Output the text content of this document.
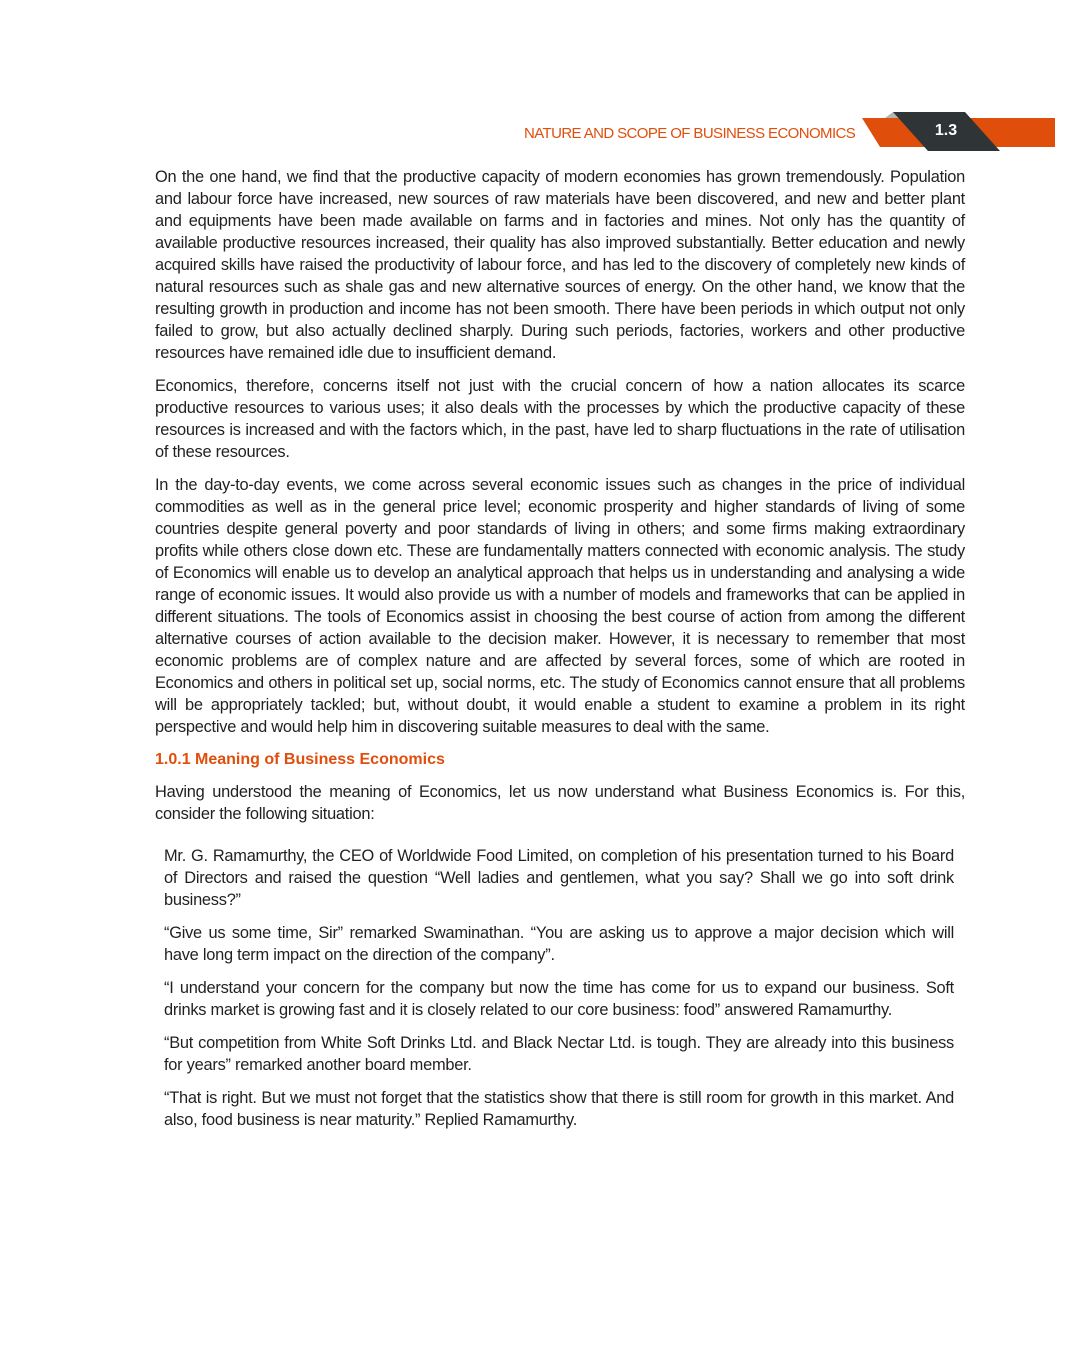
NATURE AND SCOPE OF BUSINESS ECONOMICS	1.3

On the one hand, we find that the productive capacity of modern economies has grown tremendously. Population and labour force have increased, new sources of raw materials have been discovered, and new and better plant and equipments have been made available on farms and in factories and mines. Not only has the quantity of available productive resources increased, their quality has also improved substantially. Better education and newly acquired skills have raised the productivity of labour force, and has led to the discovery of completely new kinds of natural resources such as shale gas and new alternative sources of energy. On the other hand, we know that the resulting growth in production and income has not been smooth. There have been periods in which output not only failed to grow, but also actually declined sharply. During such periods, factories, workers and other productive resources have remained idle due to insufficient demand.

Economics, therefore, concerns itself not just with the crucial concern of how a nation allocates its scarce productive resources to various uses; it also deals with the processes by which the productive capacity of these resources is increased and with the factors which, in the past, have led to sharp fluctuations in the rate of utilisation of these resources.

In the day-to-day events, we come across several economic issues such as changes in the price of individual commodities as well as in the general price level; economic prosperity and higher standards of living of some countries despite general poverty and poor standards of living in others; and some firms making extraordinary profits while others close down etc. These are fundamentally matters connected with economic analysis. The study of Economics will enable us to develop an analytical approach that helps us in understanding and analysing a wide range of economic issues. It would also provide us with a number of models and frameworks that can be applied in different situations. The tools of Economics assist in choosing the best course of action from among the different alternative courses of action available to the decision maker. However, it is necessary to remember that most economic problems are of complex nature and are affected by several forces, some of which are rooted in Economics and others in political set up, social norms, etc. The study of Economics cannot ensure that all problems will be appropriately tackled; but, without doubt, it would enable a student to examine a problem in its right perspective and would help him in discovering suitable measures to deal with the same.

1.0.1 Meaning of Business Economics

Having understood the meaning of Economics, let us now understand what Business Economics is. For this, consider the following situation:

Mr. G. Ramamurthy, the CEO of Worldwide Food Limited, on completion of his presentation turned to his Board of Directors and raised the question “Well ladies and gentlemen, what you say? Shall we go into soft drink business?”

“Give us some time, Sir” remarked Swaminathan. “You are asking us to approve a major decision which will have long term impact on the direction of the company”.

“I understand your concern for the company but now the time has come for us to expand our business. Soft drinks market is growing fast and it is closely related to our core business: food” answered Ramamurthy.

“But competition from White Soft Drinks Ltd. and Black Nectar Ltd. is tough. They are already into this business for years” remarked another board member.

“That is right. But we must not forget that the statistics show that there is still room for growth in this market. And also, food business is near maturity.” Replied Ramamurthy.
